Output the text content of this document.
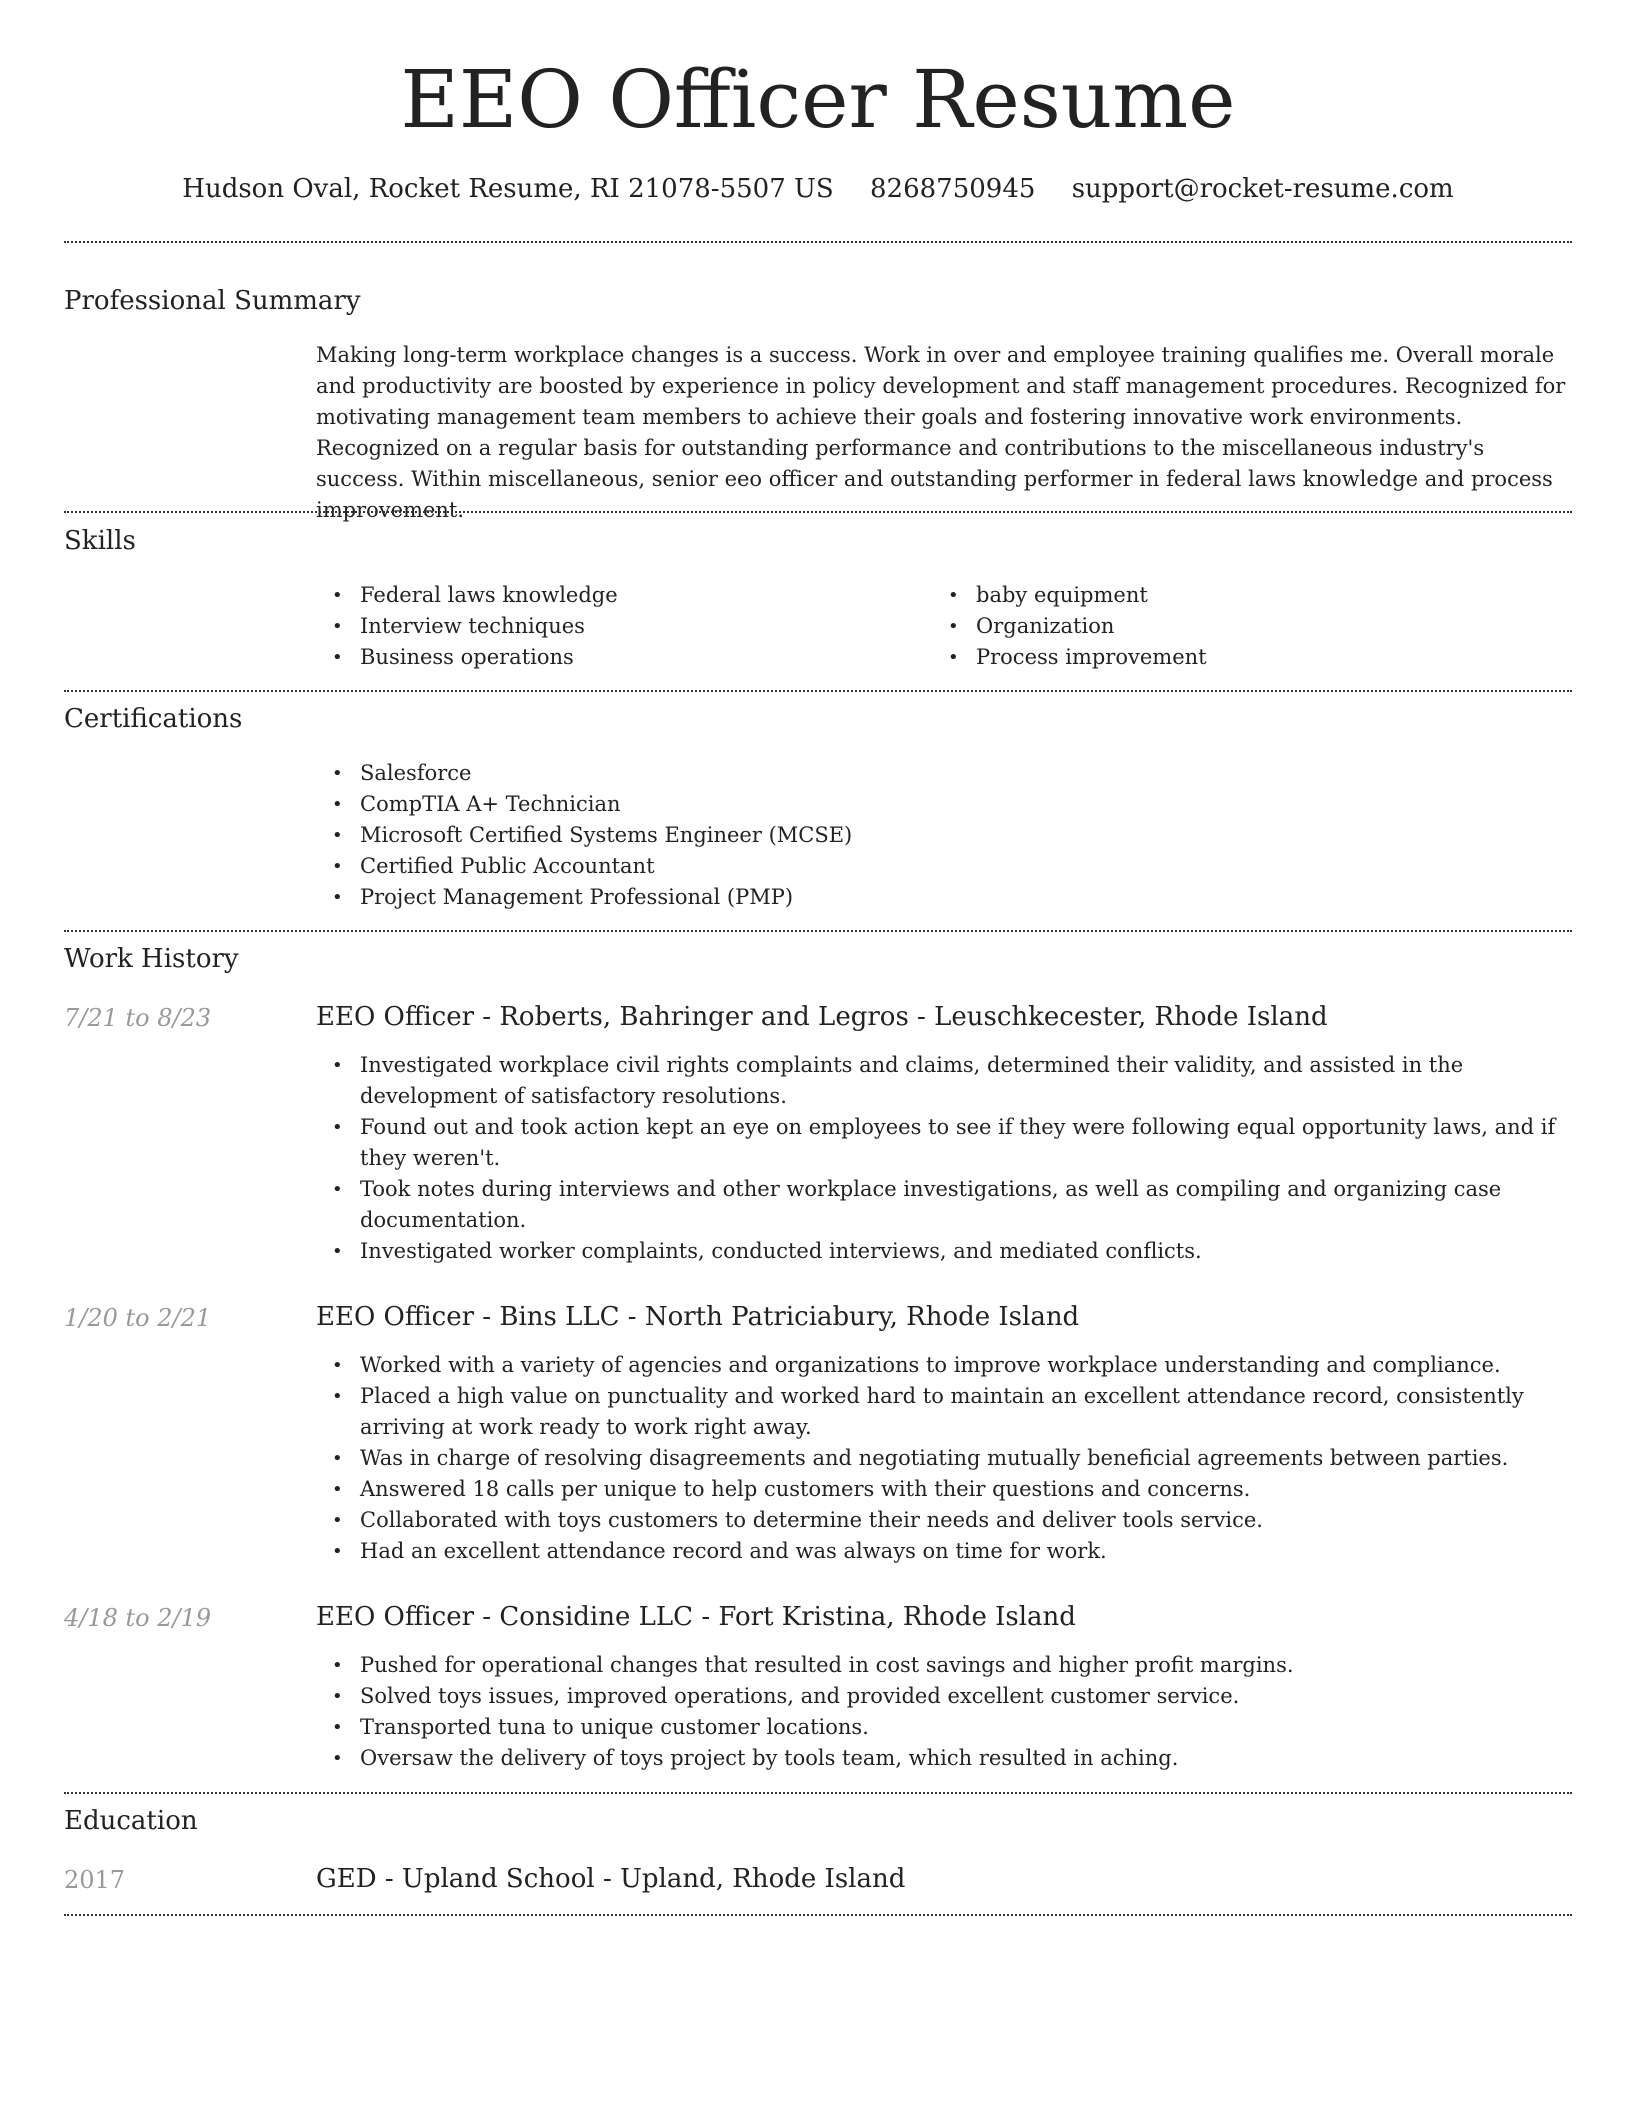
EEO Officer Resume
Hudson Oval, Rocket Resume, RI 21078-5507 US 8268750945 support@rocket-resume.com
Professional Summary

Making long-term workplace changes is a success. Work in over and employee training qualifies me. Overall morale and productivity are boosted by experience in policy development and staff management procedures. Recognized for motivating management team members to achieve their goals and fostering innovative work environments. Recognized on a regular basis for outstanding performance and contributions to the miscellaneous industry's success. Within miscellaneous, senior eeo officer and outstanding performer in federal laws knowledge and process improvement.

Skills
• Federal laws knowledge
• Interview techniques
• Business operations
• baby equipment
• Organization
• Process improvement
Certifications
• Salesforce
• CompTIA A+ Technician
• Microsoft Certified Systems Engineer (MCSE)
• Certified Public Accountant
• Project Management Professional (PMP)
Work History
7/21 to 8/23	EEO Officer - Roberts, Bahringer and Legros - Leuschkecester, Rhode Island
• Investigated workplace civil rights complaints and claims, determined their validity, and assisted in the development of satisfactory resolutions.
• Found out and took action kept an eye on employees to see if they were following equal opportunity laws, and if they weren't.
• Took notes during interviews and other workplace investigations, as well as compiling and organizing case documentation.
• Investigated worker complaints, conducted interviews, and mediated conflicts.
1/20 to 2/21	EEO Officer - Bins LLC - North Patriciabury, Rhode Island
• Worked with a variety of agencies and organizations to improve workplace understanding and compliance.
• Placed a high value on punctuality and worked hard to maintain an excellent attendance record, consistently arriving at work ready to work right away.
• Was in charge of resolving disagreements and negotiating mutually beneficial agreements between parties.
• Answered 18 calls per unique to help customers with their questions and concerns.
• Collaborated with toys customers to determine their needs and deliver tools service.
• Had an excellent attendance record and was always on time for work.
4/18 to 2/19	EEO Officer - Considine LLC - Fort Kristina, Rhode Island
• Pushed for operational changes that resulted in cost savings and higher profit margins.
• Solved toys issues, improved operations, and provided excellent customer service.
• Transported tuna to unique customer locations.
• Oversaw the delivery of toys project by tools team, which resulted in aching.
Education
2017	GED - Upland School - Upland, Rhode Island
